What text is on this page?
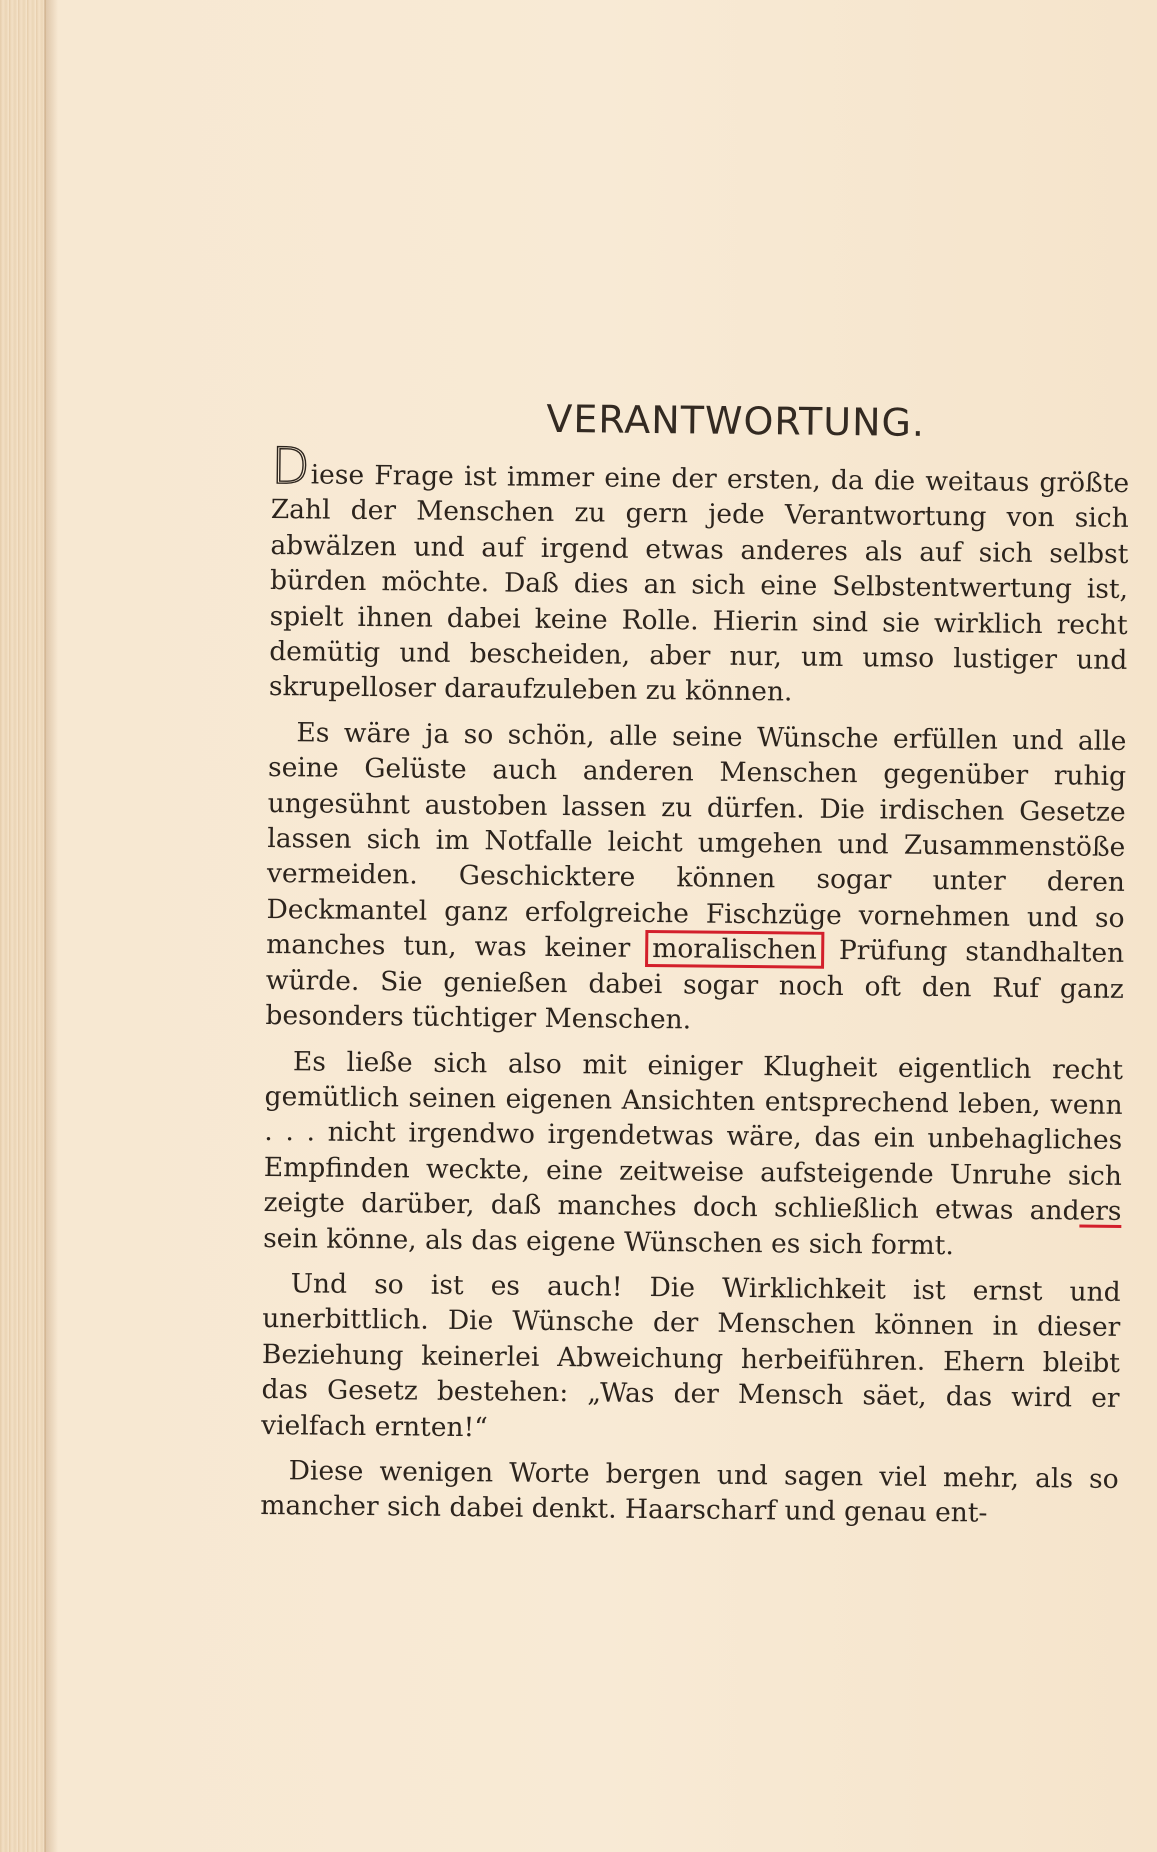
VERANTWORTUNG.

Diese Frage ist immer eine der ersten, da die weitaus größte Zahl der Menschen zu gern jede Verantwortung von sich abwälzen und auf irgend etwas anderes als auf sich selbst bürden möchte. Daß dies an sich eine Selbstentwertung ist, spielt ihnen dabei keine Rolle. Hierin sind sie wirklich recht demütig und bescheiden, aber nur, um umso lustiger und skrupelloser daraufzuleben zu können.

Es wäre ja so schön, alle seine Wünsche erfüllen und alle seine Gelüste auch anderen Menschen gegenüber ruhig ungesühnt austoben lassen zu dürfen. Die irdischen Gesetze lassen sich im Notfalle leicht umgehen und Zusammenstöße vermeiden. Geschicktere können sogar unter deren Deckmantel ganz erfolgreiche Fischzüge vornehmen und so manches tun, was keiner moralischen Prüfung standhalten würde. Sie genießen dabei sogar noch oft den Ruf ganz besonders tüchtiger Menschen.

Es ließe sich also mit einiger Klugheit eigentlich recht gemütlich seinen eigenen Ansichten entsprechend leben, wenn . . . nicht irgendwo irgendetwas wäre, das ein unbehagliches Empfinden weckte, eine zeitweise aufsteigende Unruhe sich zeigte darüber, daß manches doch schließlich etwas anders sein könne, als das eigene Wünschen es sich formt.

Und so ist es auch! Die Wirklichkeit ist ernst und unerbittlich. Die Wünsche der Menschen können in dieser Beziehung keinerlei Abweichung herbeiführen. Ehern bleibt das Gesetz bestehen: „Was der Mensch säet, das wird er vielfach ernten!“

Diese wenigen Worte bergen und sagen viel mehr, als so mancher sich dabei denkt. Haarscharf und genau ent-
